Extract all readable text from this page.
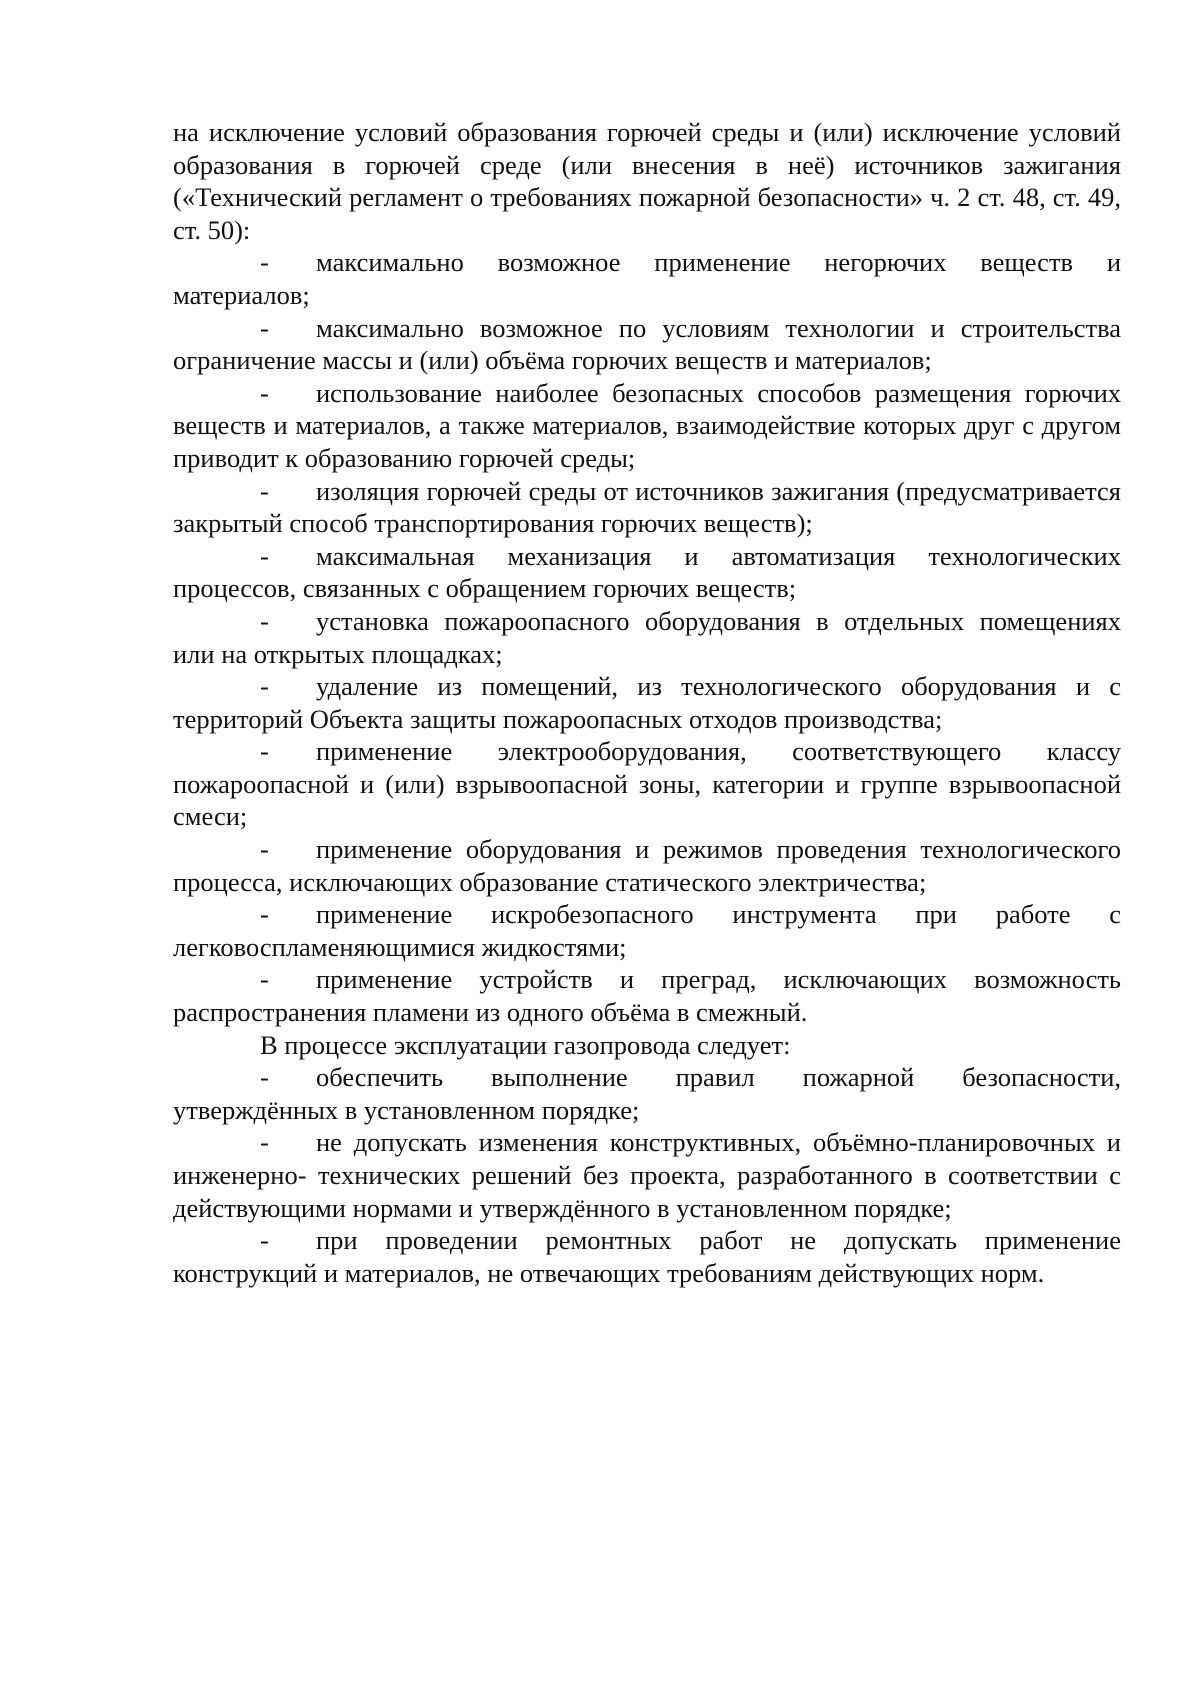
на исключение условий образования горючей среды и (или) исключение условий образования в горючей среде (или внесения в неё) источников зажигания («Технический регламент о требованиях пожарной безопасности» ч. 2 ст. 48, ст. 49, ст. 50):

- максимально возможное применение негорючих веществ и материалов;

- максимально возможное по условиям технологии и строительства ограничение массы и (или) объёма горючих веществ и материалов;

- использование наиболее безопасных способов размещения горючих веществ и материалов, а также материалов, взаимодействие которых друг с другом приводит к образованию горючей среды;

- изоляция горючей среды от источников зажигания (предусматривается закрытый способ транспортирования горючих веществ);

- максимальная механизация и автоматизация технологических процессов, связанных с обращением горючих веществ;

- установка пожароопасного оборудования в отдельных помещениях или на открытых площадках;

- удаление из помещений, из технологического оборудования и с территорий Объекта защиты пожароопасных отходов производства;

- применение электрооборудования, соответствующего классу пожароопасной и (или) взрывоопасной зоны, категории и группе взрывоопасной смеси;

- применение оборудования и режимов проведения технологического процесса, исключающих образование статического электричества;

- применение искробезопасного инструмента при работе с легковоспламеняющимися жидкостями;

- применение устройств и преград, исключающих возможность распространения пламени из одного объёма в смежный.

В процессе эксплуатации газопровода следует:

- обеспечить выполнение правил пожарной безопасности, утверждённых в установленном порядке;

- не допускать изменения конструктивных, объёмно-планировочных и инженерно- технических решений без проекта, разработанного в соответствии с действующими нормами и утверждённого в установленном порядке;

- при проведении ремонтных работ не допускать применение конструкций и материалов, не отвечающих требованиям действующих норм.
